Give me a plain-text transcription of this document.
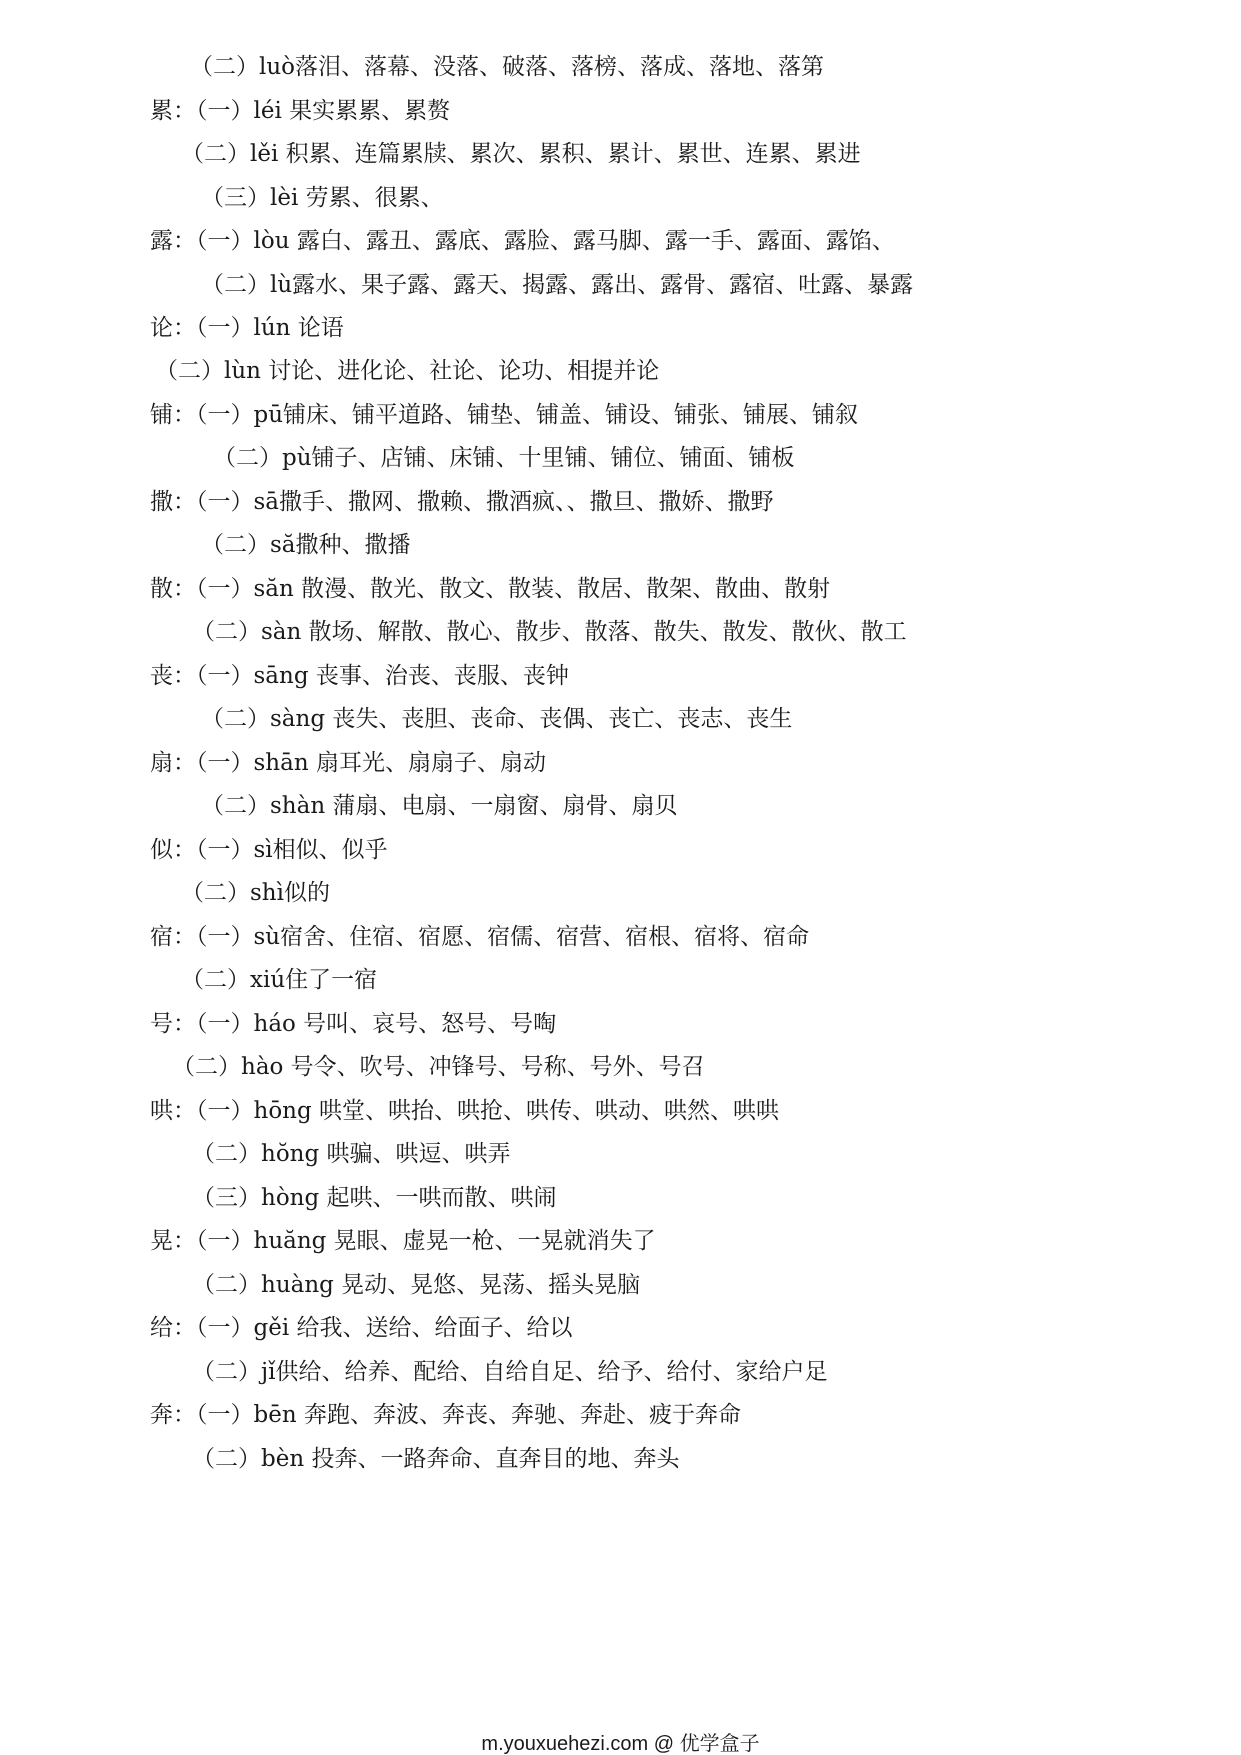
（二）luò落泪、落幕、没落、破落、落榜、落成、落地、落第
累：（一）léi 果实累累、累赘
（二）lěi 积累、连篇累牍、累次、累积、累计、累世、连累、累进
（三）lèi 劳累、很累、
露：（一）lòu 露白、露丑、露底、露脸、露马脚、露一手、露面、露馅、
（二）lù露水、果子露、露天、揭露、露出、露骨、露宿、吐露、暴露
论：（一）lún 论语
（二）lùn 讨论、进化论、社论、论功、相提并论
铺：（一）pū铺床、铺平道路、铺垫、铺盖、铺设、铺张、铺展、铺叙
（二）pù铺子、店铺、床铺、十里铺、铺位、铺面、铺板
撒：（一）sā撒手、撒网、撒赖、撒酒疯、、撒旦、撒娇、撒野
（二）să撒种、撒播
散：（一）săn 散漫、散光、散文、散装、散居、散架、散曲、散射
（二）sàn 散场、解散、散心、散步、散落、散失、散发、散伙、散工
丧：（一）sāng 丧事、治丧、丧服、丧钟
（二）sàng 丧失、丧胆、丧命、丧偶、丧亡、丧志、丧生
扇：（一）shān 扇耳光、扇扇子、扇动
（二）shàn 蒲扇、电扇、一扇窗、扇骨、扇贝
似：（一）sì相似、似乎
（二）shì似的
宿：（一）sù宿舍、住宿、宿愿、宿儒、宿营、宿根、宿将、宿命
（二）xiú住了一宿
号：（一）háo 号叫、哀号、怒号、号啕
（二）hào 号令、吹号、冲锋号、号称、号外、号召
哄：（一）hōng 哄堂、哄抬、哄抢、哄传、哄动、哄然、哄哄
（二）hŏng 哄骗、哄逗、哄弄
（三）hòng 起哄、一哄而散、哄闹
晃：（一）huăng 晃眼、虚晃一枪、一晃就消失了
（二）huàng 晃动、晃悠、晃荡、摇头晃脑
给：（一）gěi 给我、送给、给面子、给以
（二）jǐ供给、给养、配给、自给自足、给予、给付、家给户足
奔：（一）bēn 奔跑、奔波、奔丧、奔驰、奔赴、疲于奔命
（二）bèn 投奔、一路奔命、直奔目的地、奔头
m.youxuehezi.com @ 优学盒子
